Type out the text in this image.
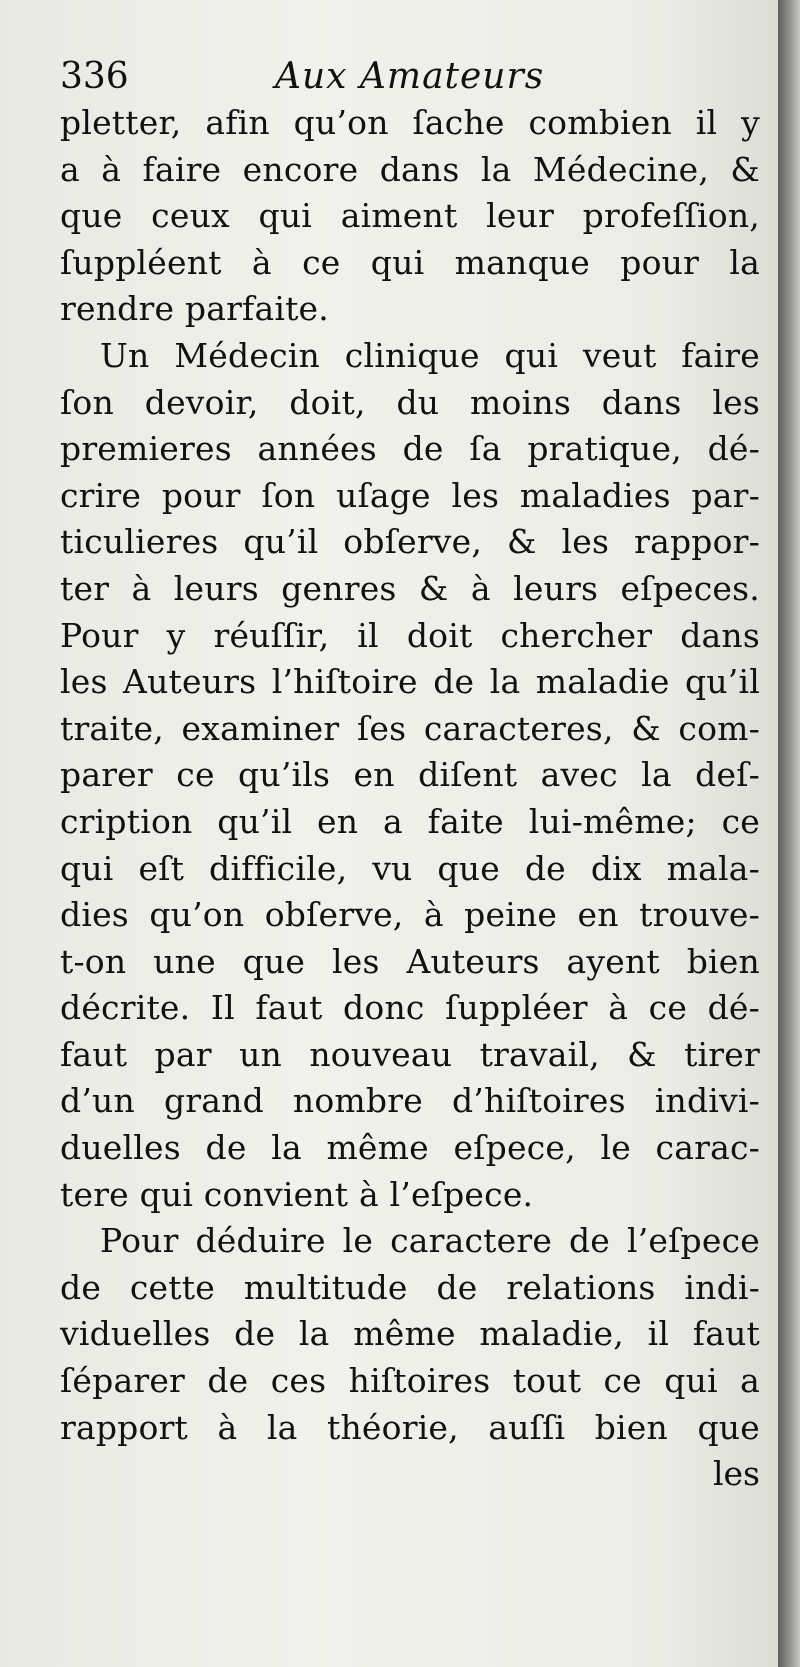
336	Aux Amateurs
pletter, afin qu’on ſache combien il y
a à faire encore dans la Médecine, &
que ceux qui aiment leur profeſſion,
ſuppléent à ce qui manque pour la
rendre parfaite.
Un Médecin clinique qui veut faire
ſon devoir, doit, du moins dans les
premieres années de ſa pratique, dé-
crire pour ſon uſage les maladies par-
ticulieres qu’il obſerve, & les rappor-
ter à leurs genres & à leurs eſpeces.
Pour y réuſſir, il doit chercher dans
les Auteurs l’hiſtoire de la maladie qu’il
traite, examiner ſes caracteres, & com-
parer ce qu’ils en diſent avec la deſ-
cription qu’il en a faite lui-même; ce
qui eſt difficile, vu que de dix mala-
dies qu’on obſerve, à peine en trouve-
t-on une que les Auteurs ayent bien
décrite. Il faut donc ſuppléer à ce dé-
faut par un nouveau travail, & tirer
d’un grand nombre d’hiſtoires indivi-
duelles de la même eſpece, le carac-
tere qui convient à l’eſpece.
Pour déduire le caractere de l’eſpece
de cette multitude de relations indi-
viduelles de la même maladie, il faut
ſéparer de ces hiſtoires tout ce qui a
rapport à la théorie, auſſi bien que
les
